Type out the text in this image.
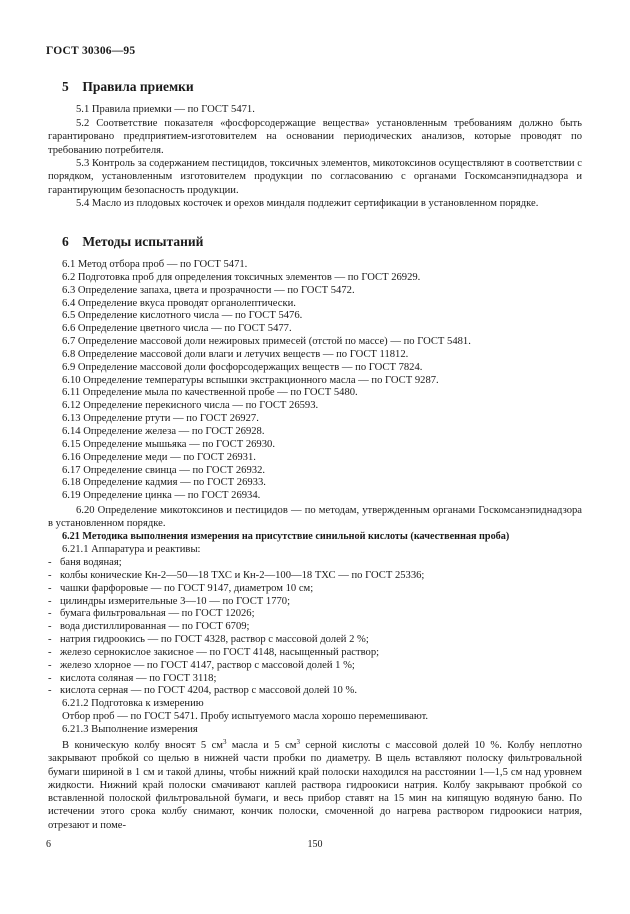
ГОСТ 30306—95
5 Правила приемки
5.1 Правила приемки — по ГОСТ 5471.
5.2 Соответствие показателя «фосфорсодержащие вещества» установленным требованиям должно быть гарантировано предприятием-изготовителем на основании периодических анализов, которые проводят по требованию потребителя.
5.3 Контроль за содержанием пестицидов, токсичных элементов, микотоксинов осуществляют в соответствии с порядком, установленным изготовителем продукции по согласованию с органами Госкомсанэпиднадзора и гарантирующим безопасность продукции.
5.4 Масло из плодовых косточек и орехов миндаля подлежит сертификации в установленном порядке.
6 Методы испытаний
6.1 Метод отбора проб — по ГОСТ 5471.
6.2 Подготовка проб для определения токсичных элементов — по ГОСТ 26929.
6.3 Определение запаха, цвета и прозрачности — по ГОСТ 5472.
6.4 Определение вкуса проводят органолептически.
6.5 Определение кислотного числа — по ГОСТ 5476.
6.6 Определение цветного числа — по ГОСТ 5477.
6.7 Определение массовой доли нежировых примесей (отстой по массе) — по ГОСТ 5481.
6.8 Определение массовой доли влаги и летучих веществ — по ГОСТ 11812.
6.9 Определение массовой доли фосфорсодержащих веществ — по ГОСТ 7824.
6.10 Определение температуры вспышки экстракционного масла — по ГОСТ 9287.
6.11 Определение мыла по качественной пробе — по ГОСТ 5480.
6.12 Определение перекисного числа — по ГОСТ 26593.
6.13 Определение ртути — по ГОСТ 26927.
6.14 Определение железа — по ГОСТ 26928.
6.15 Определение мышьяка — по ГОСТ 26930.
6.16 Определение меди — по ГОСТ 26931.
6.17 Определение свинца — по ГОСТ 26932.
6.18 Определение кадмия — по ГОСТ 26933.
6.19 Определение цинка — по ГОСТ 26934.
6.20 Определение микотоксинов и пестицидов — по методам, утвержденным органами Госкомсанэпиднадзора в установленном порядке.
6.21 Методика выполнения измерения на присутствие синильной кислоты (качественная проба)
6.21.1 Аппаратура и реактивы:
- баня водяная;
- колбы конические Кн-2—50—18 ТХС и Кн-2—100—18 ТХС — по ГОСТ 25336;
- чашки фарфоровые — по ГОСТ 9147, диаметром 10 см;
- цилиндры измерительные 3—10 — по ГОСТ 1770;
- бумага фильтровальная — по ГОСТ 12026;
- вода дистиллированная — по ГОСТ 6709;
- натрия гидроокись — по ГОСТ 4328, раствор с массовой долей 2 %;
- железо сернокислое закисное — по ГОСТ 4148, насыщенный раствор;
- железо хлорное — по ГОСТ 4147, раствор с массовой долей 1 %;
- кислота соляная — по ГОСТ 3118;
- кислота серная — по ГОСТ 4204, раствор с массовой долей 10 %.
6.21.2 Подготовка к измерению
Отбор проб — по ГОСТ 5471. Пробу испытуемого масла хорошо перемешивают.
6.21.3 Выполнение измерения
В коническую колбу вносят 5 $см^3$ масла и 5 $см^3$ серной кислоты с массовой долей 10 %. Колбу неплотно закрывают пробкой со щелью в нижней части пробки по диаметру. В щель вставляют полоску фильтровальной бумаги шириной в 1 см и такой длины, чтобы нижний край полоски находился на расстоянии 1—1,5 см над уровнем жидкости. Нижний край полоски смачивают каплей раствора гидроокиси натрия. Колбу закрывают пробкой со вставленной полоской фильтровальной бумаги, и весь прибор ставят на 15 мин на кипящую водяную баню. По истечении этого срока колбу снимают, кончик полоски, смоченной до нагрева раствором гидроокиси натрия, отрезают и поме-
6	150
